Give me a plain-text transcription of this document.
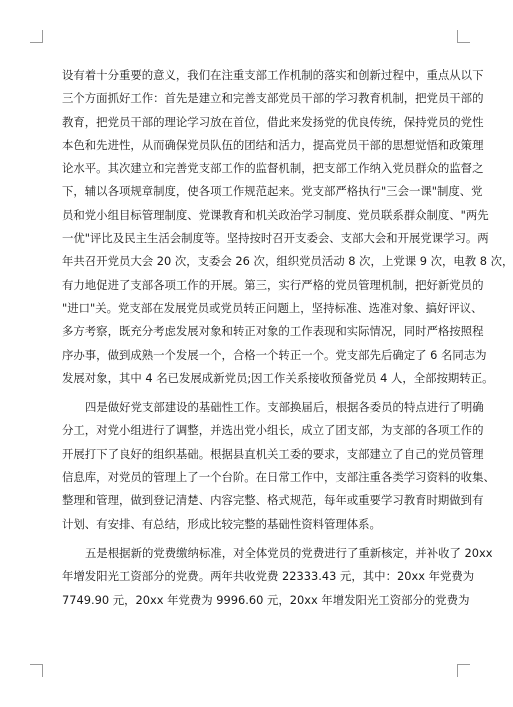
设有着十分重要的意义，我们在注重支部工作机制的落实和创新过程中，重点从以下
三个方面抓好工作：首先是建立和完善支部党员干部的学习教育机制，把党员干部的
教育，把党员干部的理论学习放在首位，借此来发扬党的优良传统，保持党员的党性
本色和先进性，从而确保党员队伍的团结和活力，提高党员干部的思想觉悟和政策理
论水平。其次建立和完善党支部工作的监督机制，把支部工作纳入党员群众的监督之
下，辅以各项规章制度，使各项工作规范起来。党支部严格执行"三会一课"制度、党
员和党小组目标管理制度、党课教育和机关政治学习制度、党员联系群众制度、"两先
一优"评比及民主生活会制度等。坚持按时召开支委会、支部大会和开展党课学习。两
年共召开党员大会 20 次，支委会 26 次，组织党员活动 8 次，上党课 9 次，电教 8 次，
有力地促进了支部各项工作的开展。第三，实行严格的党员管理机制，把好新党员的
"进口"关。党支部在发展党员或党员转正问题上，坚持标准、选准对象、搞好评议、
多方考察，既充分考虑发展对象和转正对象的工作表现和实际情况，同时严格按照程
序办事，做到成熟一个发展一个，合格一个转正一个。党支部先后确定了 6 名同志为
发展对象，其中 4 名已发展成新党员;因工作关系接收预备党员 4 人，全部按期转正。
四是做好党支部建设的基础性工作。支部换届后，根据各委员的特点进行了明确
分工，对党小组进行了调整，并选出党小组长，成立了团支部，为支部的各项工作的
开展打下了良好的组织基础。根据县直机关工委的要求，支部建立了自己的党员管理
信息库，对党员的管理上了一个台阶。在日常工作中，支部注重各类学习资料的收集、
整理和管理，做到登记清楚、内容完整、格式规范，每年或重要学习教育时期做到有
计划、有安排、有总结，形成比较完整的基础性资料管理体系。
五是根据新的党费缴纳标准，对全体党员的党费进行了重新核定，并补收了 20xx
年增发阳光工资部分的党费。两年共收党费 22333.43 元，其中：20xx 年党费为
7749.90 元，20xx 年党费为 9996.60 元，20xx 年增发阳光工资部分的党费为
